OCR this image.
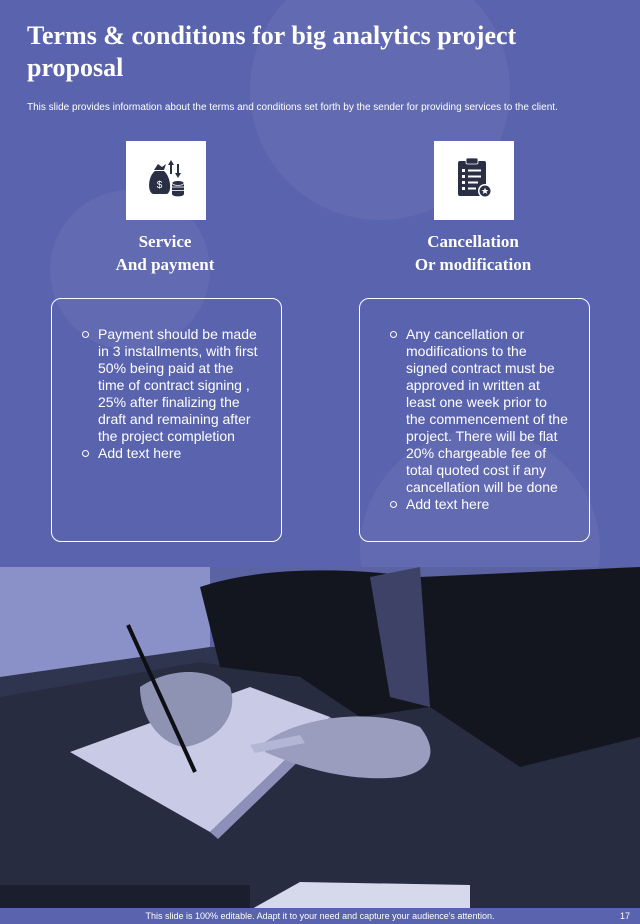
Terms & conditions for big analytics project proposal

This slide provides information about the terms and conditions set forth by the sender for providing services to the client.

$
Service
And payment
Payment should be made in 3 installments, with first 50% being paid at the time of contract signing , 25% after finalizing the draft and remaining after the project completion
Add text here
Cancellation
Or modification
Any cancellation or modifications to the signed contract must be approved in written at least one week prior to the commencement of the project. There will be flat 20% chargeable fee of total quoted cost if any cancellation will be done
Add text here

This slide is 100% editable. Adapt it to your need and capture your audience's attention.	17
